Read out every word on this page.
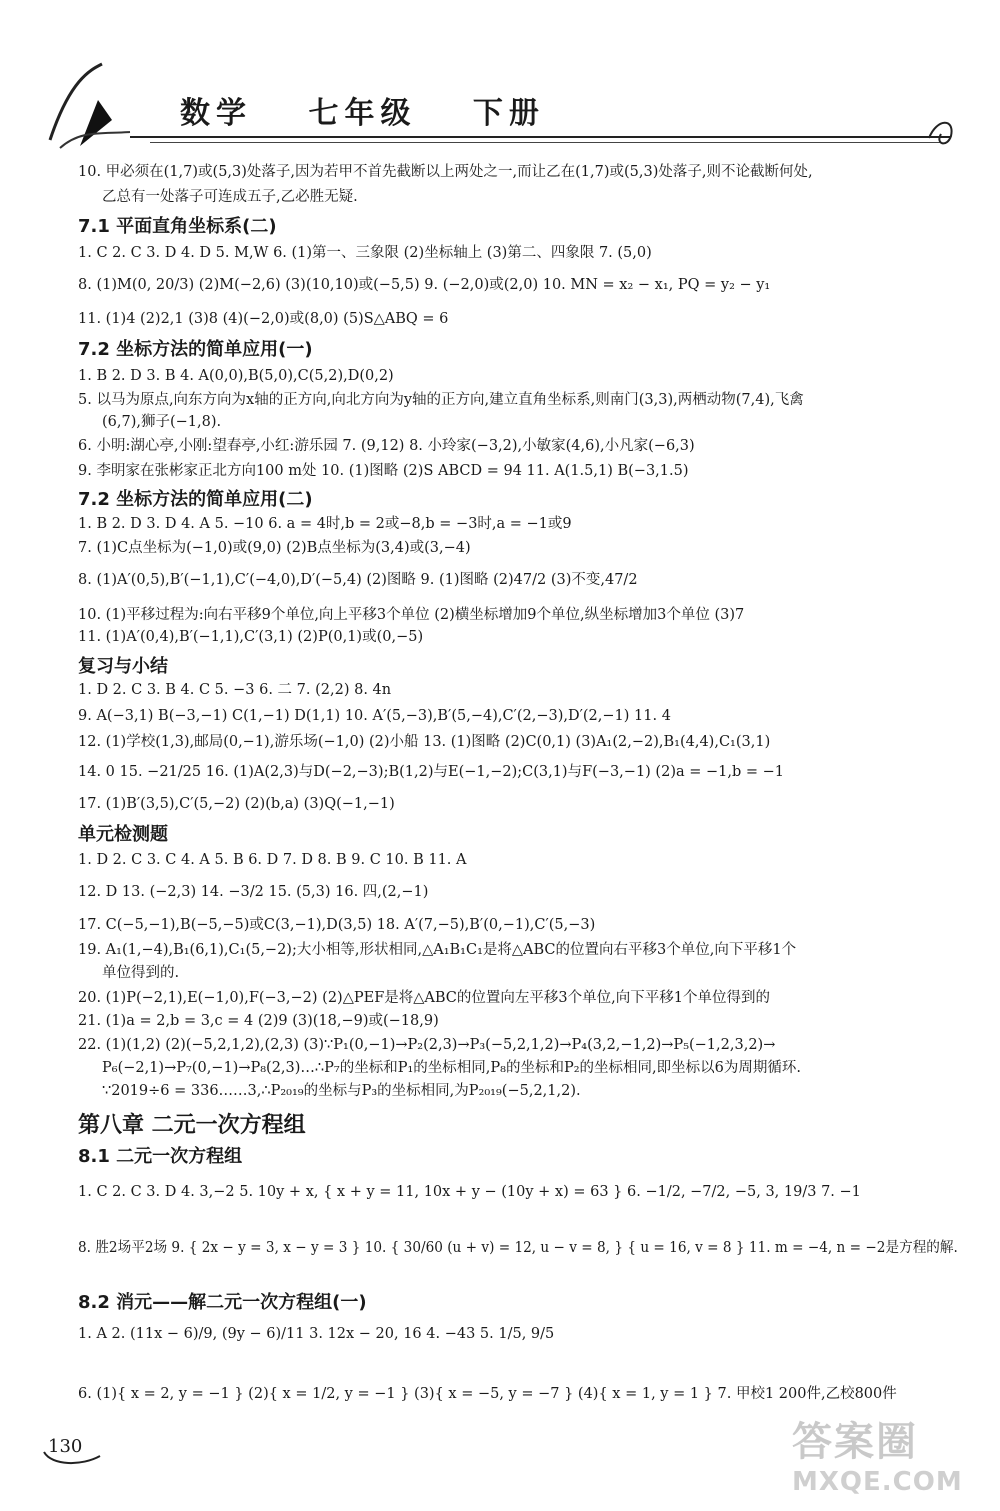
数学 七年级 下册
10. 甲必须在(1,7)或(5,3)处落子,因为若甲不首先截断以上两处之一,而让乙在(1,7)或(5,3)处落子,则不论截断何处,
乙总有一处落子可连成五子,乙必胜无疑.
7.1 平面直角坐标系(二)
1. C 2. C 3. D 4. D 5. M,W 6. (1)第一、三象限 (2)坐标轴上 (3)第二、四象限 7. (5,0)
8. (1)M(0, 20/3) (2)M(−2,6) (3)(10,10)或(−5,5) 9. (−2,0)或(2,0) 10. MN = x₂ − x₁, PQ = y₂ − y₁
11. (1)4 (2)2,1 (3)8 (4)(−2,0)或(8,0) (5)S△ABQ = 6
7.2 坐标方法的简单应用(一)
1. B 2. D 3. B 4. A(0,0),B(5,0),C(5,2),D(0,2)
5. 以马为原点,向东方向为x轴的正方向,向北方向为y轴的正方向,建立直角坐标系,则南门(3,3),两栖动物(7,4),飞禽
(6,7),狮子(−1,8).
6. 小明:湖心亭,小刚:望春亭,小红:游乐园 7. (9,12) 8. 小玲家(−3,2),小敏家(4,6),小凡家(−6,3)
9. 李明家在张彬家正北方向100 m处 10. (1)图略 (2)S ABCD = 94 11. A(1.5,1) B(−3,1.5)
7.2 坐标方法的简单应用(二)
1. B 2. D 3. D 4. A 5. −10 6. a = 4时,b = 2或−8,b = −3时,a = −1或9
7. (1)C点坐标为(−1,0)或(9,0) (2)B点坐标为(3,4)或(3,−4)
8. (1)A′(0,5),B′(−1,1),C′(−4,0),D′(−5,4) (2)图略 9. (1)图略 (2)47/2 (3)不变,47/2
10. (1)平移过程为:向右平移9个单位,向上平移3个单位 (2)横坐标增加9个单位,纵坐标增加3个单位 (3)7
11. (1)A′(0,4),B′(−1,1),C′(3,1) (2)P(0,1)或(0,−5)
复习与小结
1. D 2. C 3. B 4. C 5. −3 6. 二 7. (2,2) 8. 4n
9. A(−3,1) B(−3,−1) C(1,−1) D(1,1) 10. A′(5,−3),B′(5,−4),C′(2,−3),D′(2,−1) 11. 4
12. (1)学校(1,3),邮局(0,−1),游乐场(−1,0) (2)小船 13. (1)图略 (2)C(0,1) (3)A₁(2,−2),B₁(4,4),C₁(3,1)
14. 0 15. −21/25 16. (1)A(2,3)与D(−2,−3);B(1,2)与E(−1,−2);C(3,1)与F(−3,−1) (2)a = −1,b = −1
17. (1)B′(3,5),C′(5,−2) (2)(b,a) (3)Q(−1,−1)
单元检测题
1. D 2. C 3. C 4. A 5. B 6. D 7. D 8. B 9. C 10. B 11. A
12. D 13. (−2,3) 14. −3/2 15. (5,3) 16. 四,(2,−1)
17. C(−5,−1),B(−5,−5)或C(3,−1),D(3,5) 18. A′(7,−5),B′(0,−1),C′(5,−3)
19. A₁(1,−4),B₁(6,1),C₁(5,−2);大小相等,形状相同,△A₁B₁C₁是将△ABC的位置向右平移3个单位,向下平移1个
单位得到的.
20. (1)P(−2,1),E(−1,0),F(−3,−2) (2)△PEF是将△ABC的位置向左平移3个单位,向下平移1个单位得到的
21. (1)a = 2,b = 3,c = 4 (2)9 (3)(18,−9)或(−18,9)
22. (1)(1,2) (2)(−5,2,1,2),(2,3) (3)∵P₁(0,−1)→P₂(2,3)→P₃(−5,2,1,2)→P₄(3,2,−1,2)→P₅(−1,2,3,2)→
P₆(−2,1)→P₇(0,−1)→P₈(2,3)…∴P₇的坐标和P₁的坐标相同,P₈的坐标和P₂的坐标相同,即坐标以6为周期循环.
∵2019÷6 = 336……3,∴P₂₀₁₉的坐标与P₃的坐标相同,为P₂₀₁₉(−5,2,1,2).
第八章 二元一次方程组
8.1 二元一次方程组
1. C 2. C 3. D 4. 3,−2 5. 10y + x, { x + y = 11, 10x + y − (10y + x) = 63 } 6. −1/2, −7/2, −5, 3, 19/3 7. −1
8. 胜2场平2场 9. { 2x − y = 3, x − y = 3 } 10. { 30/60 (u + v) = 12, u − v = 8, } { u = 16, v = 8 } 11. m = −4, n = −2是方程的解.
8.2 消元——解二元一次方程组(一)
1. A 2. (11x − 6)/9, (9y − 6)/11 3. 12x − 20, 16 4. −43 5. 1/5, 9/5
6. (1){ x = 2, y = −1 } (2){ x = 1/2, y = −1 } (3){ x = −5, y = −7 } (4){ x = 1, y = 1 } 7. 甲校1 200件,乙校800件
130	答案圈
MXQE.COM
